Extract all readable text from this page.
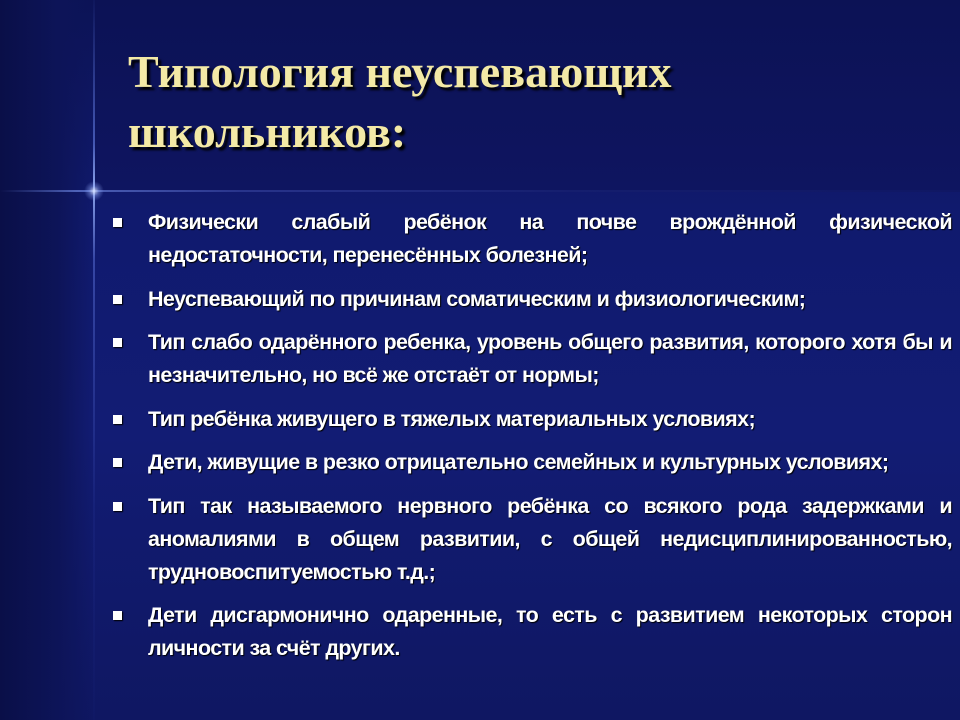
Типология неуспевающих школьников:
Физически слабый ребёнок на почве врождённой физической недостаточности, перенесённых болезней;
Неуспевающий по причинам соматическим и физиологическим;
Тип слабо одарённого ребенка, уровень общего развития, которого хотя бы и незначительно, но всё же отстаёт от нормы;
Тип ребёнка живущего в тяжелых материальных условиях;
Дети, живущие в резко отрицательно семейных и культурных условиях;
Тип так называемого нервного ребёнка со всякого рода задержками и аномалиями в общем развитии, с общей недисциплинированностью, трудновоспитуемостью т.д.;
Дети дисгармонично одаренные, то есть с развитием некоторых сторон личности за счёт других.
